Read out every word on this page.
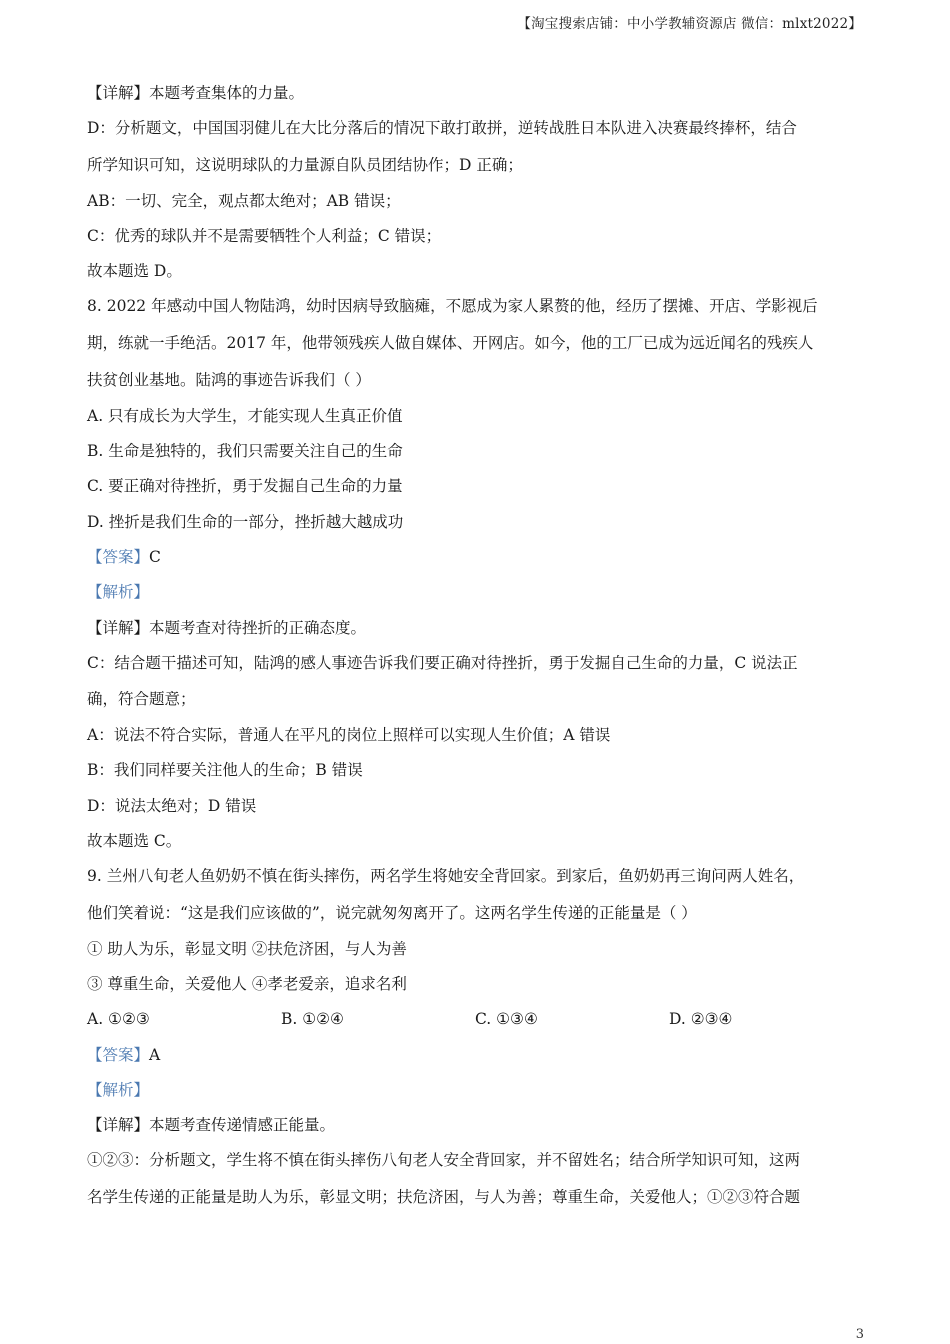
【淘宝搜索店铺：中小学教辅资源店 微信：mlxt2022】
【详解】本题考查集体的力量。
D：分析题文，中国国羽健儿在大比分落后的情况下敢打敢拼，逆转战胜日本队进入决赛最终捧杯，结合
所学知识可知，这说明球队的力量源自队员团结协作；D 正确；
AB：一切、完全，观点都太绝对；AB 错误；
C：优秀的球队并不是需要牺牲个人利益；C 错误；
故本题选 D。
8. 2022 年感动中国人物陆鸿，幼时因病导致脑瘫，不愿成为家人累赘的他，经历了摆摊、开店、学影视后
期，练就一手绝活。2017 年，他带领残疾人做自媒体、开网店。如今，他的工厂已成为远近闻名的残疾人
扶贫创业基地。陆鸿的事迹告诉我们（ ）
A. 只有成长为大学生，才能实现人生真正价值
B. 生命是独特的，我们只需要关注自己的生命
C. 要正确对待挫折，勇于发掘自己生命的力量
D. 挫折是我们生命的一部分，挫折越大越成功
【答案】C
【解析】
【详解】本题考查对待挫折的正确态度。
C：结合题干描述可知，陆鸿的感人事迹告诉我们要正确对待挫折，勇于发掘自己生命的力量，C 说法正
确，符合题意；
A：说法不符合实际，普通人在平凡的岗位上照样可以实现人生价值；A 错误
B：我们同样要关注他人的生命；B 错误
D：说法太绝对；D 错误
故本题选 C。
9. 兰州八旬老人鱼奶奶不慎在街头摔伤，两名学生将她安全背回家。到家后，鱼奶奶再三询问两人姓名，
他们笑着说：“这是我们应该做的”，说完就匆匆离开了。这两名学生传递的正能量是（ ）
① 助人为乐，彰显文明 ②扶危济困，与人为善
③ 尊重生命，关爱他人 ④孝老爱亲，追求名利
A. ①②③	B. ①②④	C. ①③④	D. ②③④
【答案】A
【解析】
【详解】本题考查传递情感正能量。
①②③：分析题文，学生将不慎在街头摔伤八旬老人安全背回家，并不留姓名；结合所学知识可知，这两
名学生传递的正能量是助人为乐，彰显文明；扶危济困，与人为善；尊重生命，关爱他人；①②③符合题
3
